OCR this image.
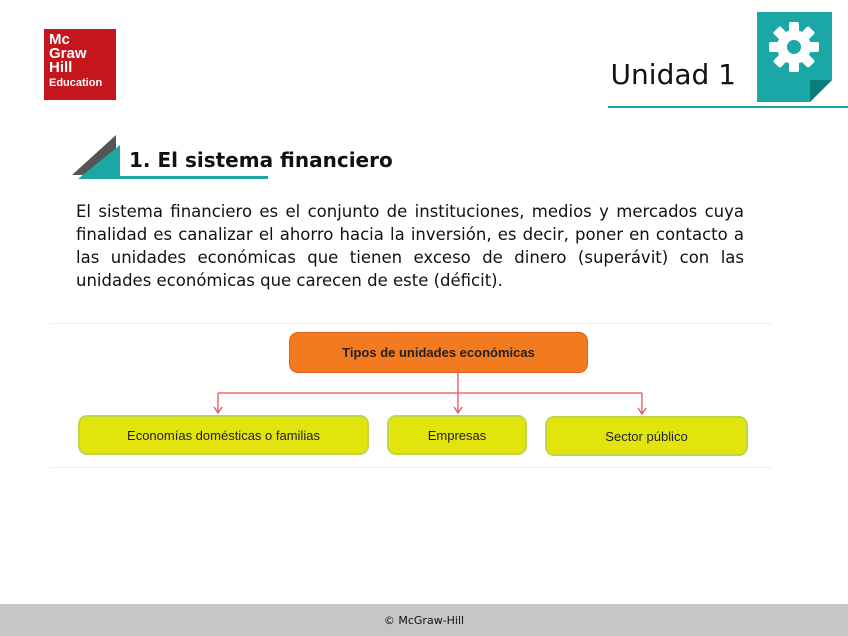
Mc
Graw
Hill
Education	Unidad 1
1. El sistema financiero
El sistema financiero es el conjunto de instituciones, medios y mercados cuya finalidad es canalizar el ahorro hacia la inversión, es decir, poner en contacto a las unidades económicas que tienen exceso de dinero (superávit) con las unidades económicas que carecen de este (déficit).
Tipos de unidades económicas
Economías domésticas o familias	Empresas	Sector público
© McGraw-Hill
